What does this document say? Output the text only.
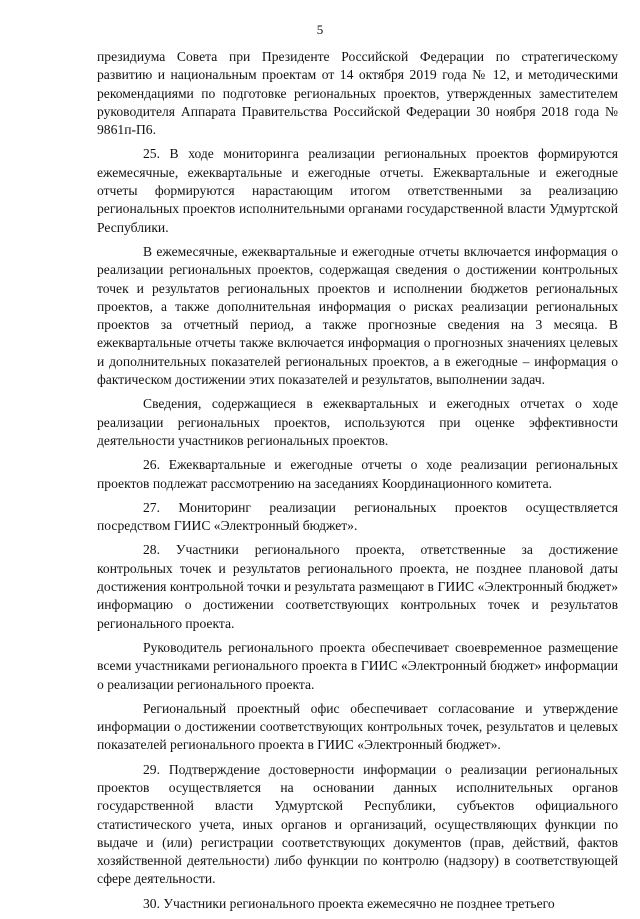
5

президиума Совета при Президенте Российской Федерации по стратегическому развитию и национальным проектам от 14 октября 2019 года № 12, и методическими рекомендациями по подготовке региональных проектов, утвержденных заместителем руководителя Аппарата Правительства Российской Федерации 30 ноября 2018 года № 9861п-П6.

25. В ходе мониторинга реализации региональных проектов формируются ежемесячные, ежеквартальные и ежегодные отчеты. Ежеквартальные и ежегодные отчеты формируются нарастающим итогом ответственными за реализацию региональных проектов исполнительными органами государственной власти Удмуртской Республики.

В ежемесячные, ежеквартальные и ежегодные отчеты включается информация о реализации региональных проектов, содержащая сведения о достижении контрольных точек и результатов региональных проектов и исполнении бюджетов региональных проектов, а также дополнительная информация о рисках реализации региональных проектов за отчетный период, а также прогнозные сведения на 3 месяца. В ежеквартальные отчеты также включается информация о прогнозных значениях целевых и дополнительных показателей региональных проектов, а в ежегодные – информация о фактическом достижении этих показателей и результатов, выполнении задач.

Сведения, содержащиеся в ежеквартальных и ежегодных отчетах о ходе реализации региональных проектов, используются при оценке эффективности деятельности участников региональных проектов.

26. Ежеквартальные и ежегодные отчеты о ходе реализации региональных проектов подлежат рассмотрению на заседаниях Координационного комитета.

27. Мониторинг реализации региональных проектов осуществляется посредством ГИИС «Электронный бюджет».

28. Участники регионального проекта, ответственные за достижение контрольных точек и результатов регионального проекта, не позднее плановой даты достижения контрольной точки и результата размещают в ГИИС «Электронный бюджет» информацию о достижении соответствующих контрольных точек и результатов регионального проекта.

Руководитель регионального проекта обеспечивает своевременное размещение всеми участниками регионального проекта в ГИИС «Электронный бюджет» информации о реализации регионального проекта.

Региональный проектный офис обеспечивает согласование и утверждение информации о достижении соответствующих контрольных точек, результатов и целевых показателей регионального проекта в ГИИС «Электронный бюджет».

29. Подтверждение достоверности информации о реализации региональных проектов осуществляется на основании данных исполнительных органов государственной власти Удмуртской Республики, субъектов официального статистического учета, иных органов и организаций, осуществляющих функции по выдаче и (или) регистрации соответствующих документов (прав, действий, фактов хозяйственной деятельности) либо функции по контролю (надзору) в соответствующей сфере деятельности.

30. Участники регионального проекта ежемесячно не позднее третьего
